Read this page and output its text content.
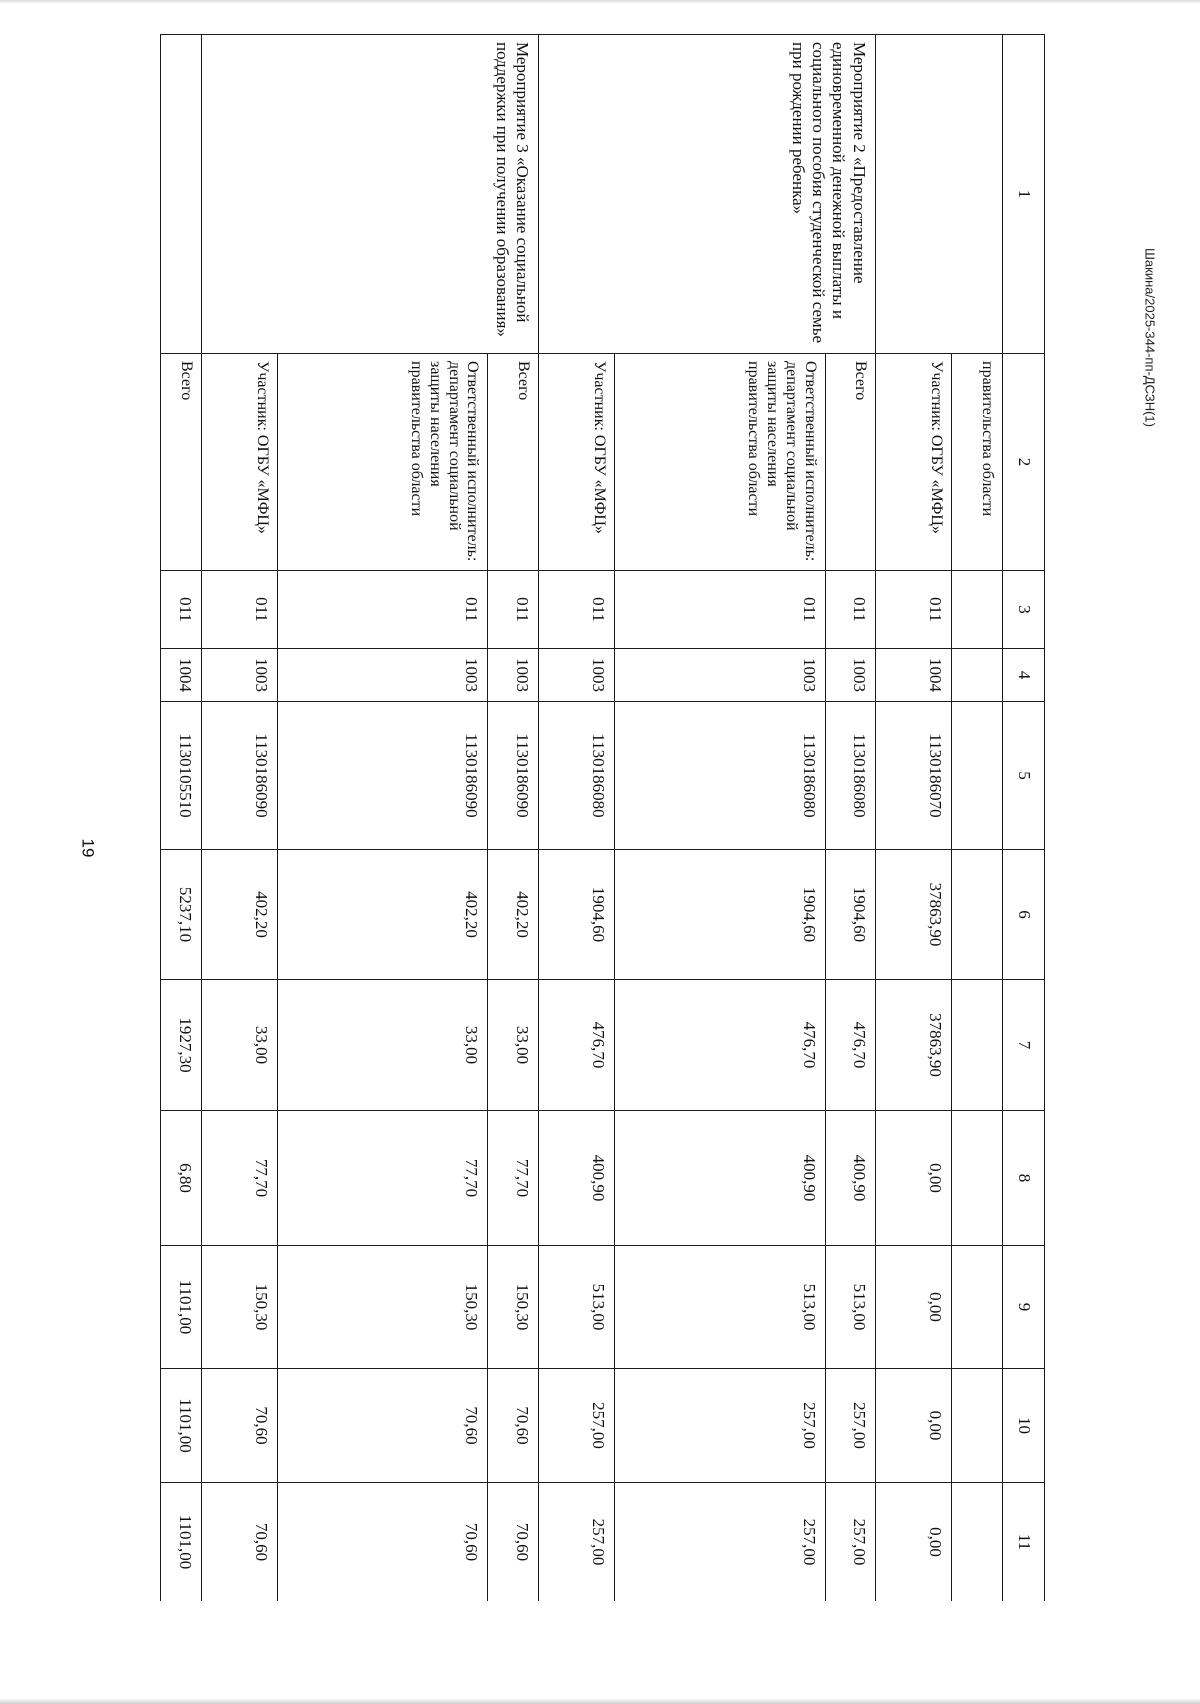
19
Шакина/2025-344-пп-ДСЗН(1)
1	2	3	4	5	6	7	8	9	10	11
	правительства области									
	Участник: ОГБУ «МФЦ»	011	1004	1130186070	37863,90	37863,90	0,00	0,00	0,00	0,00
Мероприятие 2 «Предоставление единовременной денежной выплаты и социального пособия студенческой семье при рождении ребенка»	Всего	011	1003	1130186080	1904,60	476,70	400,90	513,00	257,00	257,00
	Ответственный исполнитель: департамент социальной защиты населения правительства области	011	1003	1130186080	1904,60	476,70	400,90	513,00	257,00	257,00
	Участник: ОГБУ «МФЦ»	011	1003	1130186080	1904,60	476,70	400,90	513,00	257,00	257,00
Мероприятие 3 «Оказание социальной поддержки при получении образования»	Всего	011	1003	1130186090	402,20	33,00	77,70	150,30	70,60	70,60
	Ответственный исполнитель: департамент социальной защиты населения правительства области	011	1003	1130186090	402,20	33,00	77,70	150,30	70,60	70,60
	Участник: ОГБУ «МФЦ»	011	1003	1130186090	402,20	33,00	77,70	150,30	70,60	70,60
	Всего	011	1004	1130105510	5237,10	1927,30	6,80	1101,00	1101,00	1101,00
